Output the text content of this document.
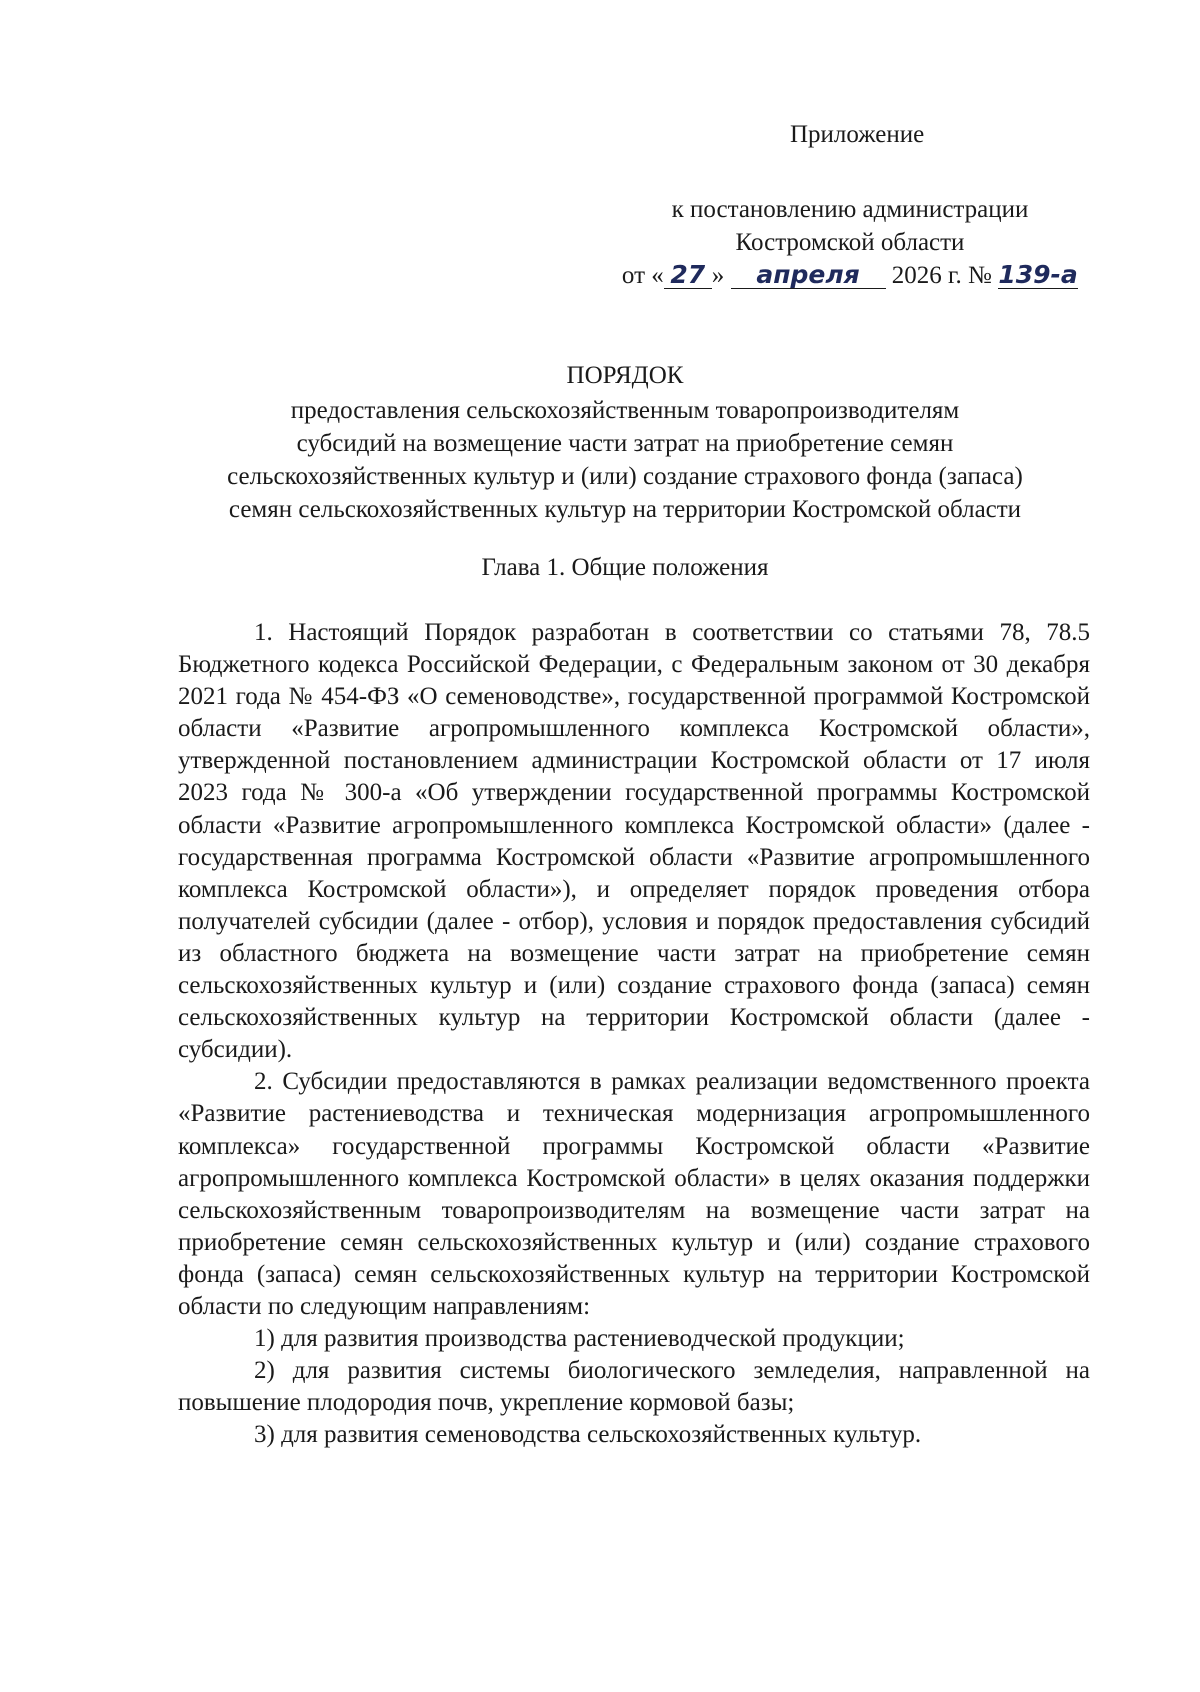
Приложение
к постановлению администрации
Костромской области
от « 27 » апреля 2026 г. № 139-а
ПОРЯДОК
предоставления сельскохозяйственным товаропроизводителям
субсидий на возмещение части затрат на приобретение семян
сельскохозяйственных культур и (или) создание страхового фонда (запаса)
семян сельскохозяйственных культур на территории Костромской области
Глава 1. Общие положения

1. Настоящий Порядок разработан в соответствии со статьями 78, 78.5 Бюджетного кодекса Российской Федерации, с Федеральным законом от 30 декабря 2021 года № 454-ФЗ «О семеноводстве», государственной программой Костромской области «Развитие агропромышленного комплекса Костромской области», утвержденной постановлением администрации Костромской области от 17 июля 2023 года № 300-а «Об утверждении государственной программы Костромской области «Развитие агропромышленного комплекса Костромской области» (далее - государственная программа Костромской области «Развитие агропромышленного комплекса Костромской области»), и определяет порядок проведения отбора получателей субсидии (далее - отбор), условия и порядок предоставления субсидий из областного бюджета на возмещение части затрат на приобретение семян сельскохозяйственных культур и (или) создание страхового фонда (запаса) семян сельскохозяйственных культур на территории Костромской области (далее - субсидии).

2. Субсидии предоставляются в рамках реализации ведомственного проекта «Развитие растениеводства и техническая модернизация агропромышленного комплекса» государственной программы Костромской области «Развитие агропромышленного комплекса Костромской области» в целях оказания поддержки сельскохозяйственным товаропроизводителям на возмещение части затрат на приобретение семян сельскохозяйственных культур и (или) создание страхового фонда (запаса) семян сельскохозяйственных культур на территории Костромской области по следующим направлениям:

1) для развития производства растениеводческой продукции;

2) для развития системы биологического земледелия, направленной на повышение плодородия почв, укрепление кормовой базы;

3) для развития семеноводства сельскохозяйственных культур.
